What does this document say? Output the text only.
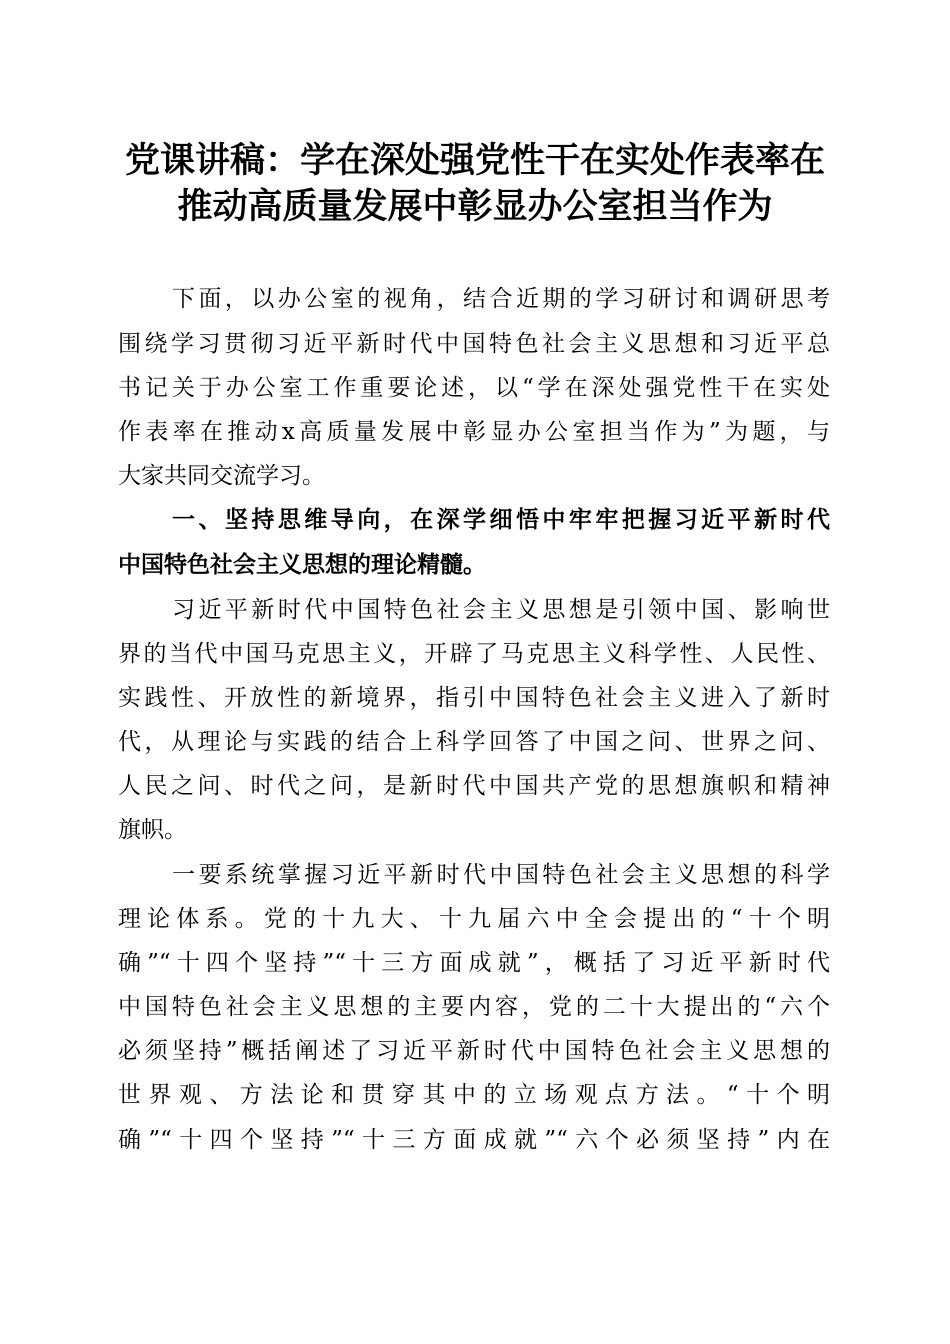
党课讲稿：学在深处强党性干在实处作表率在
推动高质量发展中彰显办公室担当作为
下面，以办公室的视角，结合近期的学习研讨和调研思考
围绕学习贯彻习近平新时代中国特色社会主义思想和习近平总
书记关于办公室工作重要论述，以“学在深处强党性干在实处
作表率在推动x高质量发展中彰显办公室担当作为”为题，与
大家共同交流学习。
一、坚持思维导向，在深学细悟中牢牢把握习近平新时代
中国特色社会主义思想的理论精髓。
习近平新时代中国特色社会主义思想是引领中国、影响世
界的当代中国马克思主义，开辟了马克思主义科学性、人民性、
实践性、开放性的新境界，指引中国特色社会主义进入了新时
代，从理论与实践的结合上科学回答了中国之问、世界之问、
人民之问、时代之问，是新时代中国共产党的思想旗帜和精神
旗帜。
一要系统掌握习近平新时代中国特色社会主义思想的科学
理论体系。党的十九大、十九届六中全会提出的“十个明
确”“十四个坚持”“十三方面成就”，概括了习近平新时代
中国特色社会主义思想的主要内容，党的二十大提出的“六个
必须坚持”概括阐述了习近平新时代中国特色社会主义思想的
世界观、方法论和贯穿其中的立场观点方法。“十个明
确”“十四个坚持”“十三方面成就”“六个必须坚持”内在
